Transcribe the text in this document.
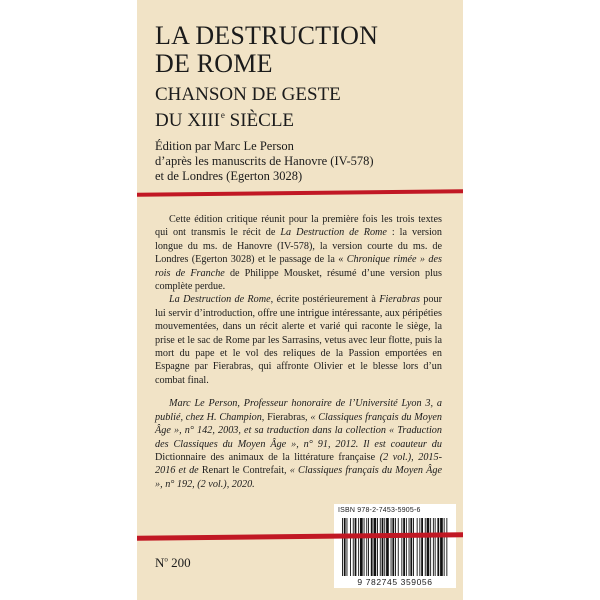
LA DESTRUCTION
DE ROME
CHANSON DE GESTE
DU XIIIe SIÈCLE
Édition par Marc Le Person
d’après les manuscrits de Hanovre (IV-578)
et de Londres (Egerton 3028)

Cette édition critique réunit pour la première fois les trois textes qui ont transmis le récit de La Destruction de Rome : la version longue du ms. de Hanovre (IV-578), la version courte du ms. de Londres (Egerton 3028) et le passage de la « Chronique rimée » des rois de Franche de Philippe Mousket, résumé d’une version plus complète perdue.

La Destruction de Rome, écrite postérieurement à Fierabras pour lui servir d’introduction, offre une intrigue intéressante, aux péripéties mouvementées, dans un récit alerte et varié qui raconte le siège, la prise et le sac de Rome par les Sarrasins, vetus avec leur flotte, puis la mort du pape et le vol des reliques de la Passion emportées en Espagne par Fierabras, qui affronte Olivier et le blesse lors d’un combat final.

Marc Le Person, Professeur honoraire de l’Université Lyon 3, a publié, chez H. Champion, Fierabras, « Classiques français du Moyen Âge », n° 142, 2003, et sa traduction dans la collection « Traduction des Classiques du Moyen Âge », n° 91, 2012. Il est coauteur du Dictionnaire des animaux de la littérature française (2 vol.), 2015-2016 et de Renart le Contrefait, « Classiques français du Moyen Âge », n° 192, (2 vol.), 2020.

ISBN 978-2-7453-5905-6
9 782745 359056
$N^o$ 200
